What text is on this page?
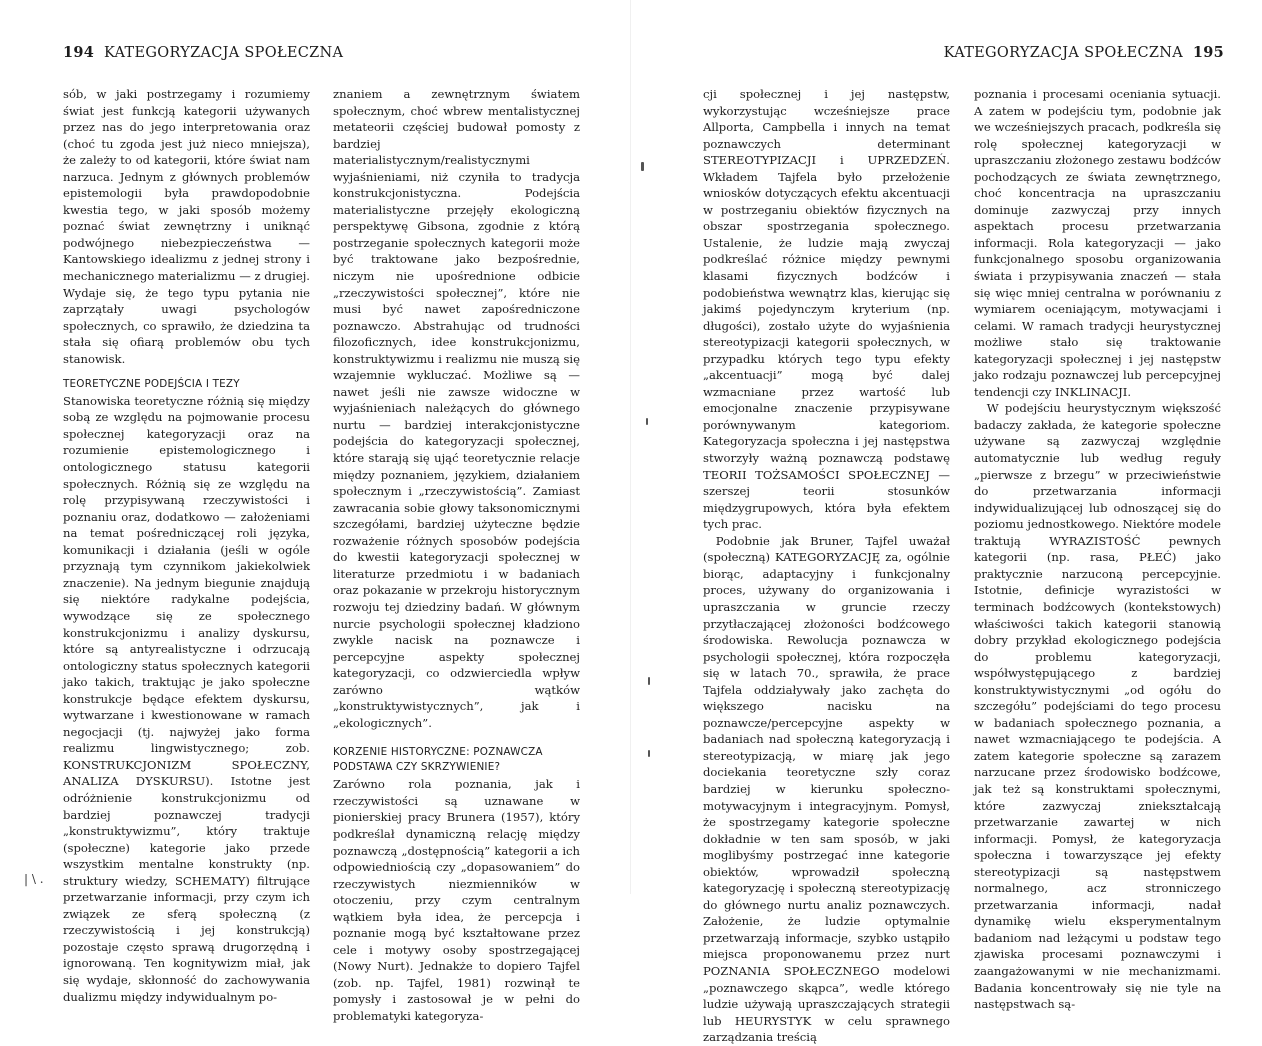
194 KATEGORYZACJA SPOŁECZNA

sób, w jaki postrzegamy i rozumiemy świat jest funkcją kategorii używanych przez nas do jego interpretowania oraz (choć tu zgoda jest już nieco mniejsza), że zależy to od kategorii, które świat nam narzuca. Jednym z głównych problemów epistemologii była prawdopodobnie kwestia tego, w jaki sposób możemy poznać świat zewnętrzny i uniknąć podwójnego niebezpieczeństwa — Kantowskiego idealizmu z jednej strony i mechanicznego materializmu — z drugiej. Wydaje się, że tego typu pytania nie zaprzątały uwagi psychologów społecznych, co sprawiło, że dziedzina ta stała się ofiarą problemów obu tych stanowisk.

TEORETYCZNE PODEJŚCIA I TEZY

Stanowiska teoretyczne różnią się między sobą ze względu na pojmowanie procesu społecznej kategoryzacji oraz na rozumienie epistemologicznego i ontologicznego statusu kategorii społecznych. Różnią się ze względu na rolę przypisywaną rzeczywistości i poznaniu oraz, dodatkowo — założeniami na temat pośredniczącej roli języka, komunikacji i działania (jeśli w ogóle przyznają tym czynnikom jakiekolwiek znaczenie). Na jednym biegunie znajdują się niektóre radykalne podejścia, wywodzące się ze społecznego konstrukcjonizmu i analizy dyskursu, które są antyrealistyczne i odrzucają ontologiczny status społecznych kategorii jako takich, traktując je jako społeczne konstrukcje będące efektem dyskursu, wytwarzane i kwestionowane w ramach negocjacji (tj. najwyżej jako forma realizmu lingwistycznego; zob. KONSTRUKCJONIZM SPOŁECZNY, ANALIZA DYSKURSU). Istotne jest odróżnienie konstrukcjonizmu od bardziej poznawczej tradycji „konstruktywizmu”, który traktuje (społeczne) kategorie jako przede wszystkim mentalne konstrukty (np. struktury wiedzy, SCHEMATY) filtrujące przetwarzanie informacji, przy czym ich związek ze sferą społeczną (z rzeczywistością i jej konstrukcją) pozostaje często sprawą drugorzędną i ignorowaną. Ten kognitywizm miał, jak się wydaje, skłonność do zachowywania dualizmu między indywidualnym po-

znaniem a zewnętrznym światem społecznym, choć wbrew mentalistycznej metateorii częściej budował pomosty z bardziej materialistycznym/realistycznymi wyjaśnieniami, niż czyniła to tradycja konstrukcjonistyczna. Podejścia materialistyczne przejęły ekologiczną perspektywę Gibsona, zgodnie z którą postrzeganie społecznych kategorii może być traktowane jako bezpośrednie, niczym nie upośrednione odbicie „rzeczywistości społecznej”, które nie musi być nawet zapośredniczone poznawczo. Abstrahując od trudności filozoficznych, idee konstrukcjonizmu, konstruktywizmu i realizmu nie muszą się wzajemnie wykluczać. Możliwe są — nawet jeśli nie zawsze widoczne w wyjaśnieniach należących do głównego nurtu — bardziej interakcjonistyczne podejścia do kategoryzacji społecznej, które starają się ująć teoretycznie relacje między poznaniem, językiem, działaniem społecznym i „rzeczywistością”. Zamiast zawracania sobie głowy taksonomicznymi szczegółami, bardziej użyteczne będzie rozważenie różnych sposobów podejścia do kwestii kategoryzacji społecznej w literaturze przedmiotu i w badaniach oraz pokazanie w przekroju historycznym rozwoju tej dziedziny badań. W głównym nurcie psychologii społecznej kładziono zwykle nacisk na poznawcze i percepcyjne aspekty społecznej kategoryzacji, co odzwierciedla wpływ zarówno wątków „konstruktywistycznych”, jak i „ekologicznych”.

KORZENIE HISTORYCZNE: POZNAWCZA PODSTAWA CZY SKRZYWIENIE?

Zarówno rola poznania, jak i rzeczywistości są uznawane w pionierskiej pracy Brunera (1957), który podkreślał dynamiczną relację między poznawczą „dostępnością” kategorii a ich odpowiedniością czy „dopasowaniem” do rzeczywistych niezmienników w otoczeniu, przy czym centralnym wątkiem była idea, że percepcja i poznanie mogą być kształtowane przez cele i motywy osoby spostrzegającej (Nowy Nurt). Jednakże to dopiero Tajfel (zob. np. Tajfel, 1981) rozwinął te pomysły i zastosował je w pełni do problematyki kategoryza-

| \ .
KATEGORYZACJA SPOŁECZNA 195

cji społecznej i jej następstw, wykorzystując wcześniejsze prace Allporta, Campbella i innych na temat poznawczych determinant STEREOTYPIZACJI i UPRZEDZEŃ. Wkładem Tajfela było przełożenie wniosków dotyczących efektu akcentuacji w postrzeganiu obiektów fizycznych na obszar spostrzegania społecznego. Ustalenie, że ludzie mają zwyczaj podkreślać różnice między pewnymi klasami fizycznych bodźców i podobieństwa wewnątrz klas, kierując się jakimś pojedynczym kryterium (np. długości), zostało użyte do wyjaśnienia stereotypizacji kategorii społecznych, w przypadku których tego typu efekty „akcentuacji” mogą być dalej wzmacniane przez wartość lub emocjonalne znaczenie przypisywane porównywanym kategoriom. Kategoryzacja społeczna i jej następstwa stworzyły ważną poznawczą podstawę TEORII TOŻSAMOŚCI SPOŁECZNEJ — szerszej teorii stosunków międzygrupowych, która była efektem tych prac.

Podobnie jak Bruner, Tajfel uważał (społeczną) KATEGORYZACJĘ za, ogólnie biorąc, adaptacyjny i funkcjonalny proces, używany do organizowania i upraszczania w gruncie rzeczy przytłaczającej złożoności bodźcowego środowiska. Rewolucja poznawcza w psychologii społecznej, która rozpoczęła się w latach 70., sprawiła, że prace Tajfela oddziaływały jako zachęta do większego nacisku na poznawcze/percepcyjne aspekty w badaniach nad społeczną kategoryzacją i stereotypizacją, w miarę jak jego dociekania teoretyczne szły coraz bardziej w kierunku społeczno-motywacyjnym i integracyjnym. Pomysł, że spostrzegamy kategorie społeczne dokładnie w ten sam sposób, w jaki moglibyśmy postrzegać inne kategorie obiektów, wprowadził społeczną kategoryzację i społeczną stereotypizację do głównego nurtu analiz poznawczych. Założenie, że ludzie optymalnie przetwarzają informacje, szybko ustąpiło miejsca proponowanemu przez nurt POZNANIA SPOŁECZNEGO modelowi „poznawczego skąpca”, wedle którego ludzie używają upraszczających strategii lub HEURYSTYK w celu sprawnego zarządzania treścią

poznania i procesami oceniania sytuacji. A zatem w podejściu tym, podobnie jak we wcześniejszych pracach, podkreśla się rolę społecznej kategoryzacji w upraszczaniu złożonego zestawu bodźców pochodzących ze świata zewnętrznego, choć koncentracja na upraszczaniu dominuje zazwyczaj przy innych aspektach procesu przetwarzania informacji. Rola kategoryzacji — jako funkcjonalnego sposobu organizowania świata i przypisywania znaczeń — stała się więc mniej centralna w porównaniu z wymiarem oceniającym, motywacjami i celami. W ramach tradycji heurystycznej możliwe stało się traktowanie kategoryzacji społecznej i jej następstw jako rodzaju poznawczej lub percepcyjnej tendencji czy INKLINACJI.

W podejściu heurystycznym większość badaczy zakłada, że kategorie społeczne używane są zazwyczaj względnie automatycznie lub według reguły „pierwsze z brzegu” w przeciwieństwie do przetwarzania informacji indywidualizującej lub odnoszącej się do poziomu jednostkowego. Niektóre modele traktują WYRAZISTOŚĆ pewnych kategorii (np. rasa, PŁEĆ) jako praktycznie narzuconą percepcyjnie. Istotnie, definicje wyrazistości w terminach bodźcowych (kontekstowych) właściwości takich kategorii stanowią dobry przykład ekologicznego podejścia do problemu kategoryzacji, współwystępującego z bardziej konstruktywistycznymi „od ogółu do szczegółu” podejściami do tego procesu w badaniach społecznego poznania, a nawet wzmacniającego te podejścia. A zatem kategorie społeczne są zarazem narzucane przez środowisko bodźcowe, jak też są konstruktami społecznymi, które zazwyczaj zniekształcają przetwarzanie zawartej w nich informacji. Pomysł, że kategoryzacja społeczna i towarzyszące jej efekty stereotypizacji są następstwem normalnego, acz stronniczego przetwarzania informacji, nadał dynamikę wielu eksperymentalnym badaniom nad leżącymi u podstaw tego zjawiska procesami poznawczymi i zaangażowanymi w nie mechanizmami. Badania koncentrowały się nie tyle na następstwach są-
